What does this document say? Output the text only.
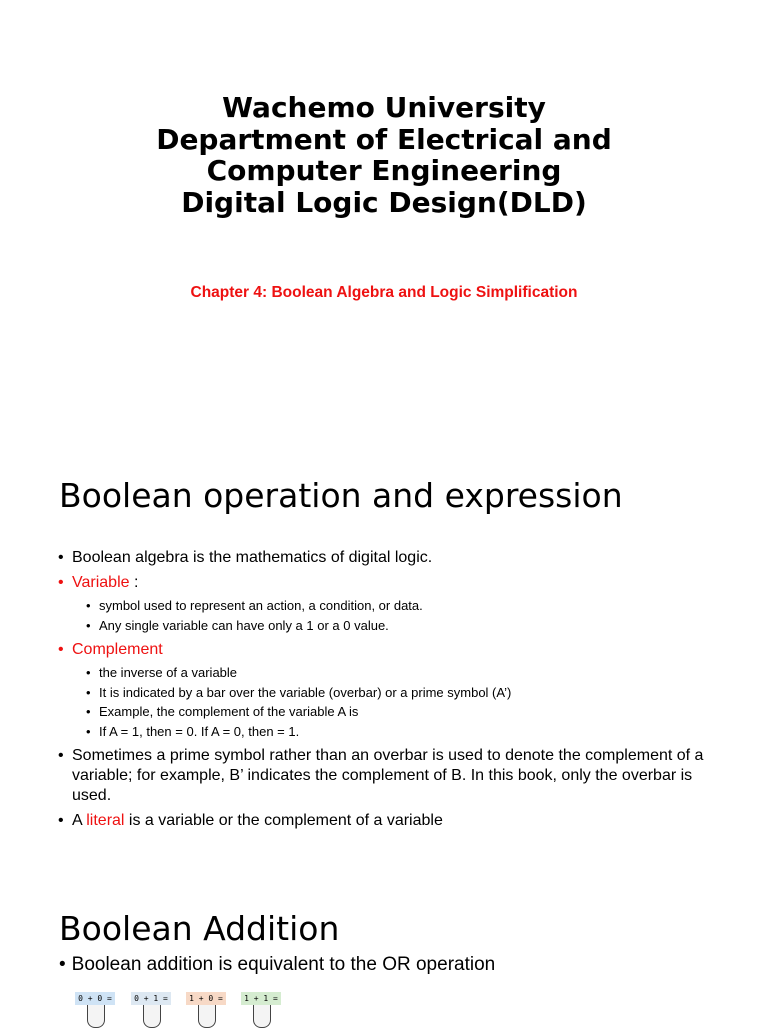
Wachemo University
Department of Electrical and
Computer Engineering
Digital Logic Design(DLD)
Chapter 4: Boolean Algebra and Logic Simplification
Boolean operation and expression
• Boolean algebra is the mathematics of digital logic.
• Variable :
• symbol used to represent an action, a condition, or data.
• Any single variable can have only a 1 or a 0 value.
• Complement
• the inverse of a variable
• It is indicated by a bar over the variable (overbar) or a prime symbol (A’)
• Example, the complement of the variable A is
• If A = 1, then = 0. If A = 0, then = 1.
• Sometimes a prime symbol rather than an overbar is used to denote the complement of a variable; for example, B’ indicates the complement of B. In this book, only the overbar is used.
• A literal is a variable or the complement of a variable
Boolean Addition
• Boolean addition is equivalent to the OR operation
0 + 0 =	0 + 1 =	1 + 0 =	1 + 1 =
